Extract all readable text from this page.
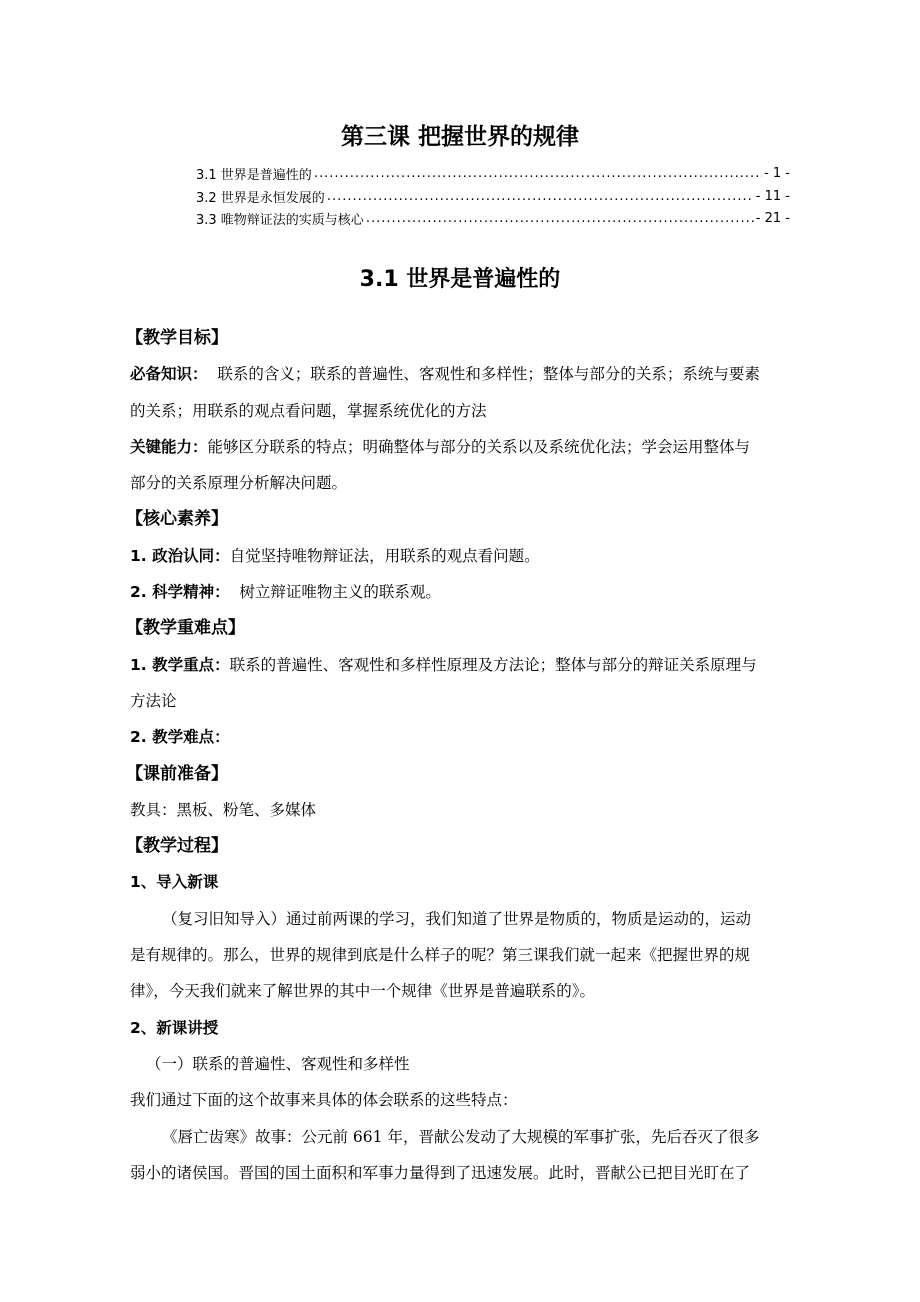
第三课 把握世界的规律
3.1 世界是普遍性的 .....	- 1 -
3.2 世界是永恒发展的 .....	- 11 -
3.3 唯物辩证法的实质与核心 .....	- 21 -
3.1 世界是普遍性的
【教学目标】
必备知识：  联系的含义；联系的普遍性、客观性和多样性；整体与部分的关系；系统与要素
的关系；用联系的观点看问题，掌握系统优化的方法
关键能力：能够区分联系的特点；明确整体与部分的关系以及系统优化法；学会运用整体与
部分的关系原理分析解决问题。
【核心素养】
1. 政治认同：自觉坚持唯物辩证法，用联系的观点看问题。
2. 科学精神：  树立辩证唯物主义的联系观。
【教学重难点】
1. 教学重点：联系的普遍性、客观性和多样性原理及方法论；整体与部分的辩证关系原理与
方法论
2. 教学难点：
【课前准备】
教具：黑板、粉笔、多媒体
【教学过程】
1、导入新课
（复习旧知导入）通过前两课的学习，我们知道了世界是物质的，物质是运动的，运动
是有规律的。那么，世界的规律到底是什么样子的呢？第三课我们就一起来《把握世界的规
律》，今天我们就来了解世界的其中一个规律《世界是普遍联系的》。
2、新课讲授
（一）联系的普遍性、客观性和多样性
我们通过下面的这个故事来具体的体会联系的这些特点：
《唇亡齿寒》故事：公元前 661 年，晋献公发动了大规模的军事扩张，先后吞灭了很多
弱小的诸侯国。晋国的国土面积和军事力量得到了迅速发展。此时，晋献公已把目光盯在了
